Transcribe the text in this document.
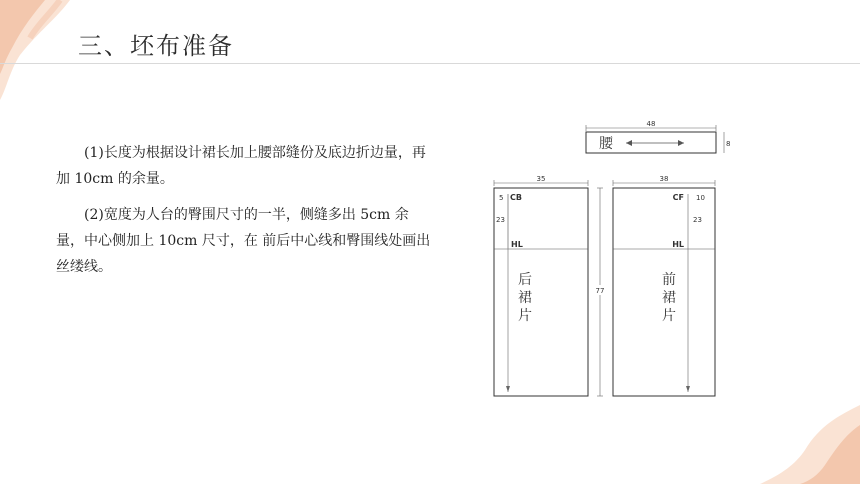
三、坯布准备

(1)长度为根据设计裙长加上腰部缝份及底边折边量，再加 10cm 的余量。

(2)宽度为人台的臀围尺寸的一半，侧缝多出 5cm 余量，中心侧加上 10cm 尺寸，在 前后中心线和臀围线处画出丝缕线。

48
腰	8
35
5 CB
23
HL
后
裙
片
77
38
CF 10
23
HL
前
裙
片
